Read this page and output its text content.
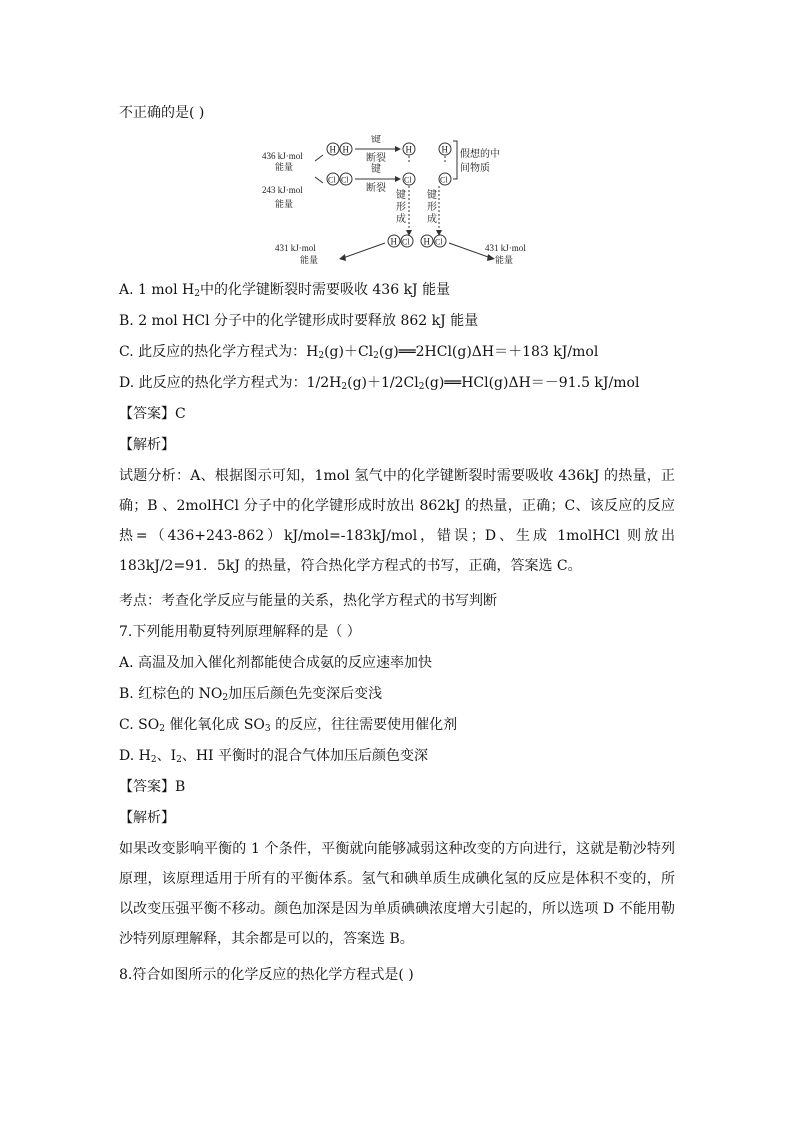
不正确的是( )
436 kJ·mol
能量
H H
键
断裂
H	H
243 kJ·mol
能量
Cl Cl
键
断裂
Cl	Cl
假想的中
间物质
键
形
成
键
形
成
H Cl H Cl
431 kJ·mol
能量
431 kJ·mol
能量
A. 1 mol $H_2$中的化学键断裂时需要吸收 436 kJ 能量
B. 2 mol HCl 分子中的化学键形成时要释放 862 kJ 能量
C. 此反应的热化学方程式为：$H_2(g)+Cl_2(g)══2HCl(g)\Delta H=+183$ kJ/mol
D. 此反应的热化学方程式为：$1/2H_2(g)+1/2Cl_2(g)══HCl(g)\Delta H=-91.5$ kJ/mol
【答案】C
【解析】
试题分析：A、根据图示可知，1mol 氢气中的化学键断裂时需要吸收 436kJ 的热量，正确；B 、2molHCl 分子中的化学键形成时放出 862kJ 的热量，正确；C、该反应的反应热=（436+243-862）kJ/mol=-183kJ/mol，错误；D、生成 1molHCl 则放出 183kJ/2=91．5kJ 的热量，符合热化学方程式的书写，正确，答案选 C。
考点：考查化学反应与能量的关系，热化学方程式的书写判断
7.下列能用勒夏特列原理解释的是（ ）
A. 高温及加入催化剂都能使合成氨的反应速率加快
B. 红棕色的 $NO_2$加压后颜色先变深后变浅
C. $SO_2$ 催化氧化成 $SO_3$ 的反应，往往需要使用催化剂
D. $H_2$、$I_2$、HI 平衡时的混合气体加压后颜色变深
【答案】B
【解析】
如果改变影响平衡的 1 个条件，平衡就向能够减弱这种改变的方向进行，这就是勒沙特列原理，该原理适用于所有的平衡体系。氢气和碘单质生成碘化氢的反应是体积不变的，所以改变压强平衡不移动。颜色加深是因为单质碘碘浓度增大引起的，所以选项 D 不能用勒沙特列原理解释，其余都是可以的，答案选 B。
8.符合如图所示的化学反应的热化学方程式是( )
